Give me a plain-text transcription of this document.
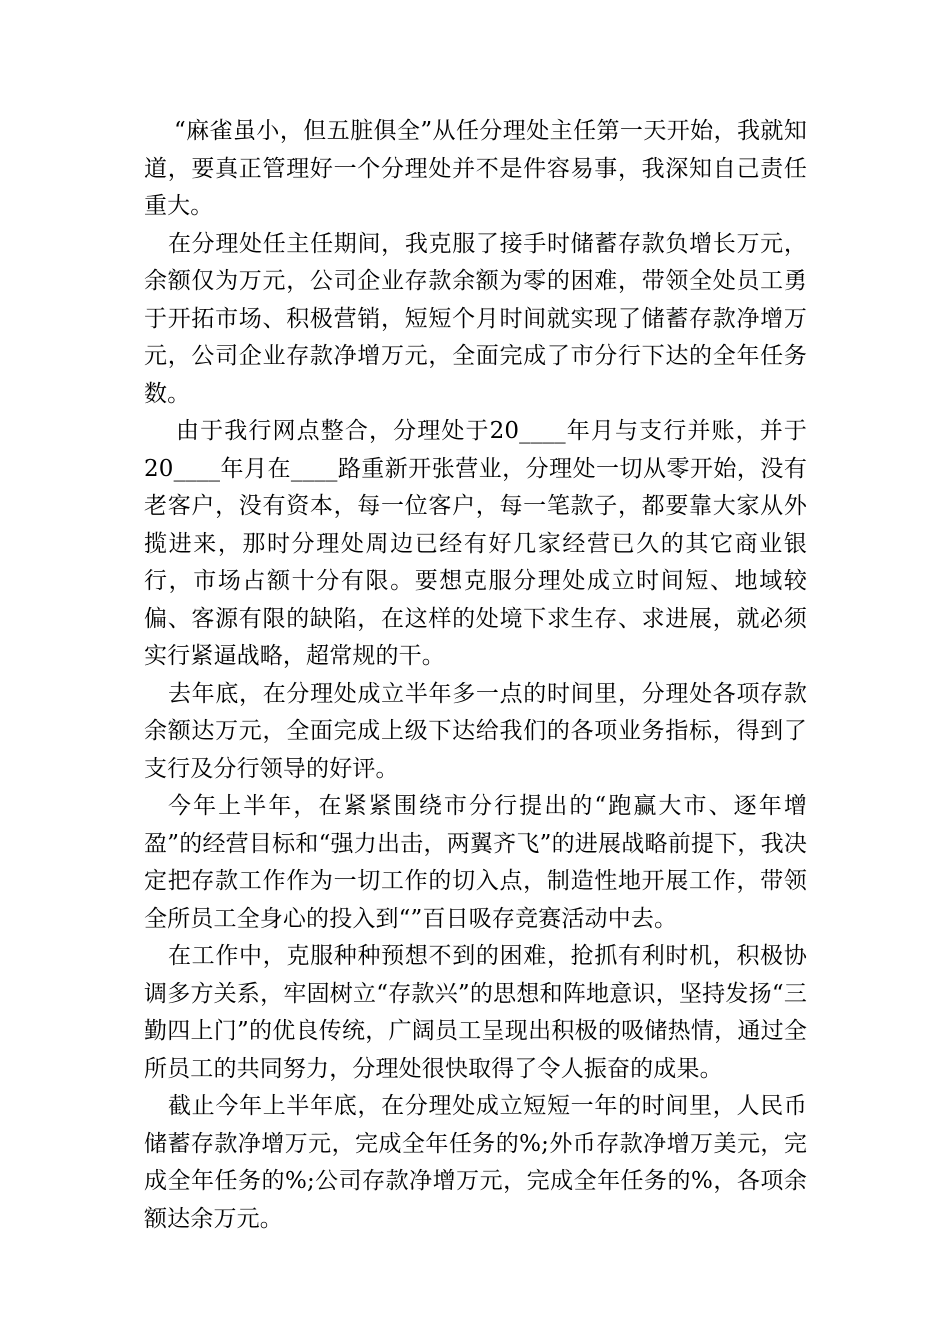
“麻雀虽小，但五脏俱全”从任分理处主任第一天开始，我就知道，要真正管理好一个分理处并不是件容易事，我深知自己责任重大。

在分理处任主任期间，我克服了接手时储蓄存款负增长万元，余额仅为万元，公司企业存款余额为零的困难，带领全处员工勇于开拓市场、积极营销，短短个月时间就实现了储蓄存款净增万元，公司企业存款净增万元，全面完成了市分行下达的全年任务数。

由于我行网点整合，分理处于20____年月与支行并账，并于20____年月在____路重新开张营业，分理处一切从零开始，没有老客户，没有资本，每一位客户，每一笔款子，都要靠大家从外揽进来，那时分理处周边已经有好几家经营已久的其它商业银行，市场占额十分有限。要想克服分理处成立时间短、地域较偏、客源有限的缺陷，在这样的处境下求生存、求进展，就必须实行紧逼战略，超常规的干。

去年底，在分理处成立半年多一点的时间里，分理处各项存款余额达万元，全面完成上级下达给我们的各项业务指标，得到了支行及分行领导的好评。

今年上半年，在紧紧围绕市分行提出的“跑赢大市、逐年增盈”的经营目标和“强力出击，两翼齐飞”的进展战略前提下，我决定把存款工作作为一切工作的切入点，制造性地开展工作，带领全所员工全身心的投入到“”百日吸存竞赛活动中去。

在工作中，克服种种预想不到的困难，抢抓有利时机，积极协调多方关系，牢固树立“存款兴”的思想和阵地意识，坚持发扬“三勤四上门”的优良传统，广阔员工呈现出积极的吸储热情，通过全所员工的共同努力，分理处很快取得了令人振奋的成果。

截止今年上半年底，在分理处成立短短一年的时间里，人民币储蓄存款净增万元，完成全年任务的%;外币存款净增万美元，完成全年任务的%;公司存款净增万元，完成全年任务的%，各项余额达余万元。
